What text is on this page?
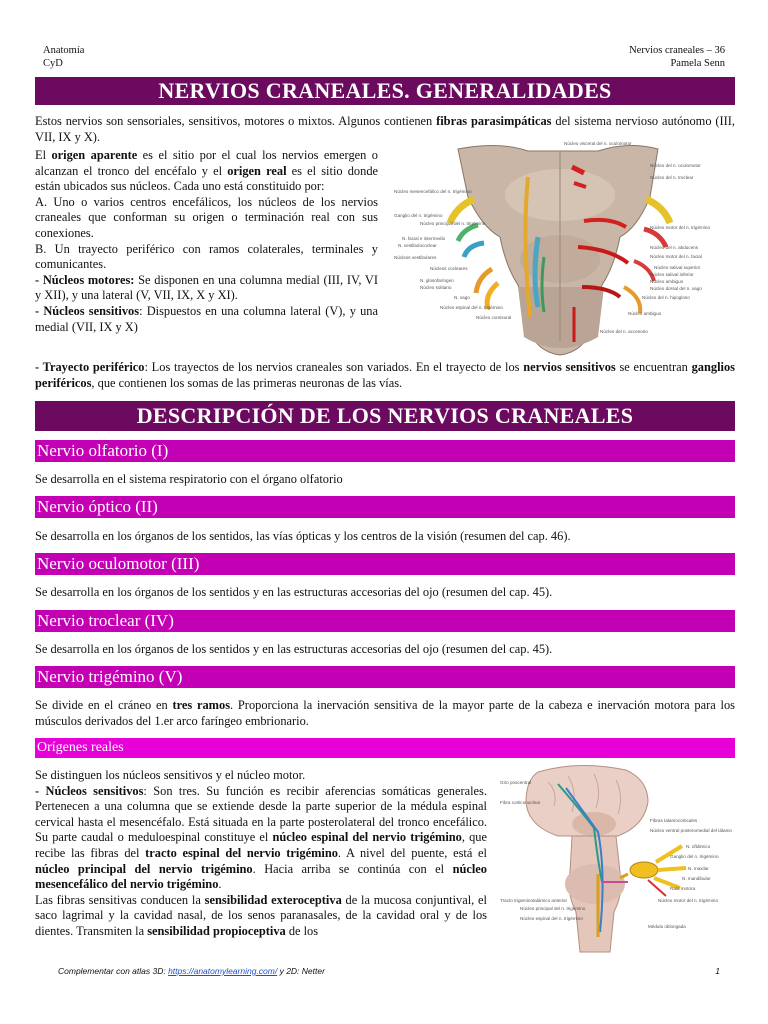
Anatomía
CyD
Nervios craneales – 36
Pamela Senn
NERVIOS CRANEALES. GENERALIDADES
Estos nervios son sensoriales, sensitivos, motores o mixtos. Algunos contienen fibras parasimpáticas del sistema nervioso autónomo (III, VII, IX y X).
El origen aparente es el sitio por el cual los nervios emergen o alcanzan el tronco del encéfalo y el origen real es el sitio donde están ubicados sus núcleos. Cada uno está constituido por:
A. Uno o varios centros encefálicos, los núcleos de los nervios craneales que conforman su origen o terminación real con sus conexiones.
B. Un trayecto periférico con ramos colaterales, terminales y comunicantes.
- Núcleos motores: Se disponen en una columna medial (III, IV, VI y XII), y una lateral (V, VII, IX, X y XI).
- Núcleos sensitivos: Dispuestos en una columna lateral (V), y una medial (VII, IX y X)
- Trayecto periférico: Los trayectos de los nervios craneales son variados. En el trayecto de los nervios sensitivos se encuentran ganglios periféricos, que contienen los somas de las primeras neuronas de las vías.
Núcleo mesencefálico del n. trigémino
Ganglio del n. trigémino
Núcleo principal del n. trigémino
N. facial e intermedio
N. vestibulococlear
Núcleos vestibulares
Núcleos cocleares
N. glosofaríngeo
Núcleo solitario
N. vago
Núcleo espinal del n. trigémino
Núcleo comisural
Núcleo visceral del n. oculomotor
Núcleo del n. oculomotor
Núcleo del n. troclear
Núcleo motor del n. trigémino
Núcleo del n. abducens
Núcleo motor del n. facial
Núcleo salival superior
Núcleo salival inferior
Núcleo ambiguo
Núcleo dorsal del n. vago
Núcleo del n. hipogloso
Núcleo ambiguo
Núcleo del n. accesorio
DESCRIPCIÓN DE LOS NERVIOS CRANEALES
Nervio olfatorio (I)
Se desarrolla en el sistema respiratorio con el órgano olfatorio
Nervio óptico (II)
Se desarrolla en los órganos de los sentidos, las vías ópticas y los centros de la visión (resumen del cap. 46).
Nervio oculomotor (III)
Se desarrolla en los órganos de los sentidos y en las estructuras accesorias del ojo (resumen del cap. 45).
Nervio troclear (IV)
Se desarrolla en los órganos de los sentidos y en las estructuras accesorias del ojo (resumen del cap. 45).
Nervio trigémino (V)
Se divide en el cráneo en tres ramos. Proporciona la inervación sensitiva de la mayor parte de la cabeza e inervación motora para los músculos derivados del 1.er arco faríngeo embrionario.
Orígenes reales
Se distinguen los núcleos sensitivos y el núcleo motor.
- Núcleos sensitivos: Son tres. Su función es recibir aferencias somáticas generales. Pertenecen a una columna que se extiende desde la parte superior de la médula espinal cervical hasta el mesencéfalo. Está situada en la parte posterolateral del tronco encefálico. Su parte caudal o meduloespinal constituye el núcleo espinal del nervio trigémino, que recibe las fibras del tracto espinal del nervio trigémino. A nivel del puente, está el núcleo principal del nervio trigémino. Hacia arriba se continúa con el núcleo mesencefálico del nervio trigémino.
Las fibras sensitivas conducen la sensibilidad exteroceptiva de la mucosa conjuntival, el saco lagrimal y la cavidad nasal, de los senos paranasales, de la cavidad oral y de los dientes. Transmiten la sensibilidad propioceptiva de los
Giro poscentral
Fibra corticonuclear
Fibras talamocorticales
Núcleo ventral posteromedial del tálamo
N. oftálmico
Ganglio del n. trigémino
N. maxilar
N. mandibular
Raíz motora
Tracto trigeminotalámico anterior
Núcleo principal del n. trigémino
Núcleo espinal del n. trigémino
Núcleo motor del n. trigémino
Médula oblongada
Complementar con atlas 3D: https://anatomylearning.com/ y 2D: Netter	1
